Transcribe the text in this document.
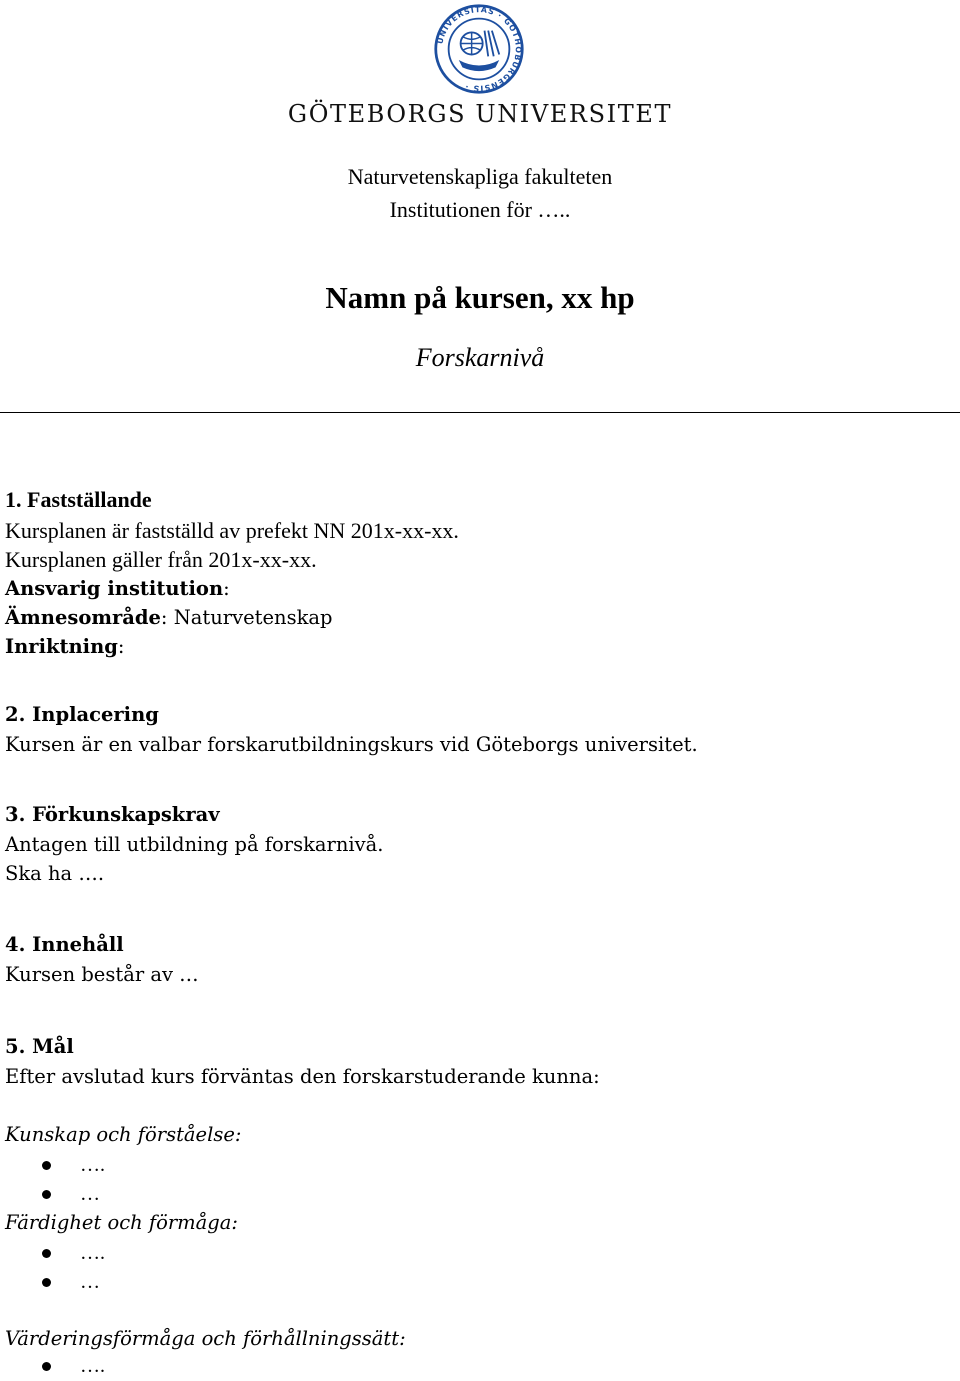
UNIVERSITAS · GOTHOBURGENSIS ·
GÖTEBORGS UNIVERSITET
Naturvetenskapliga fakulteten
Institutionen för …..
Namn på kursen, xx hp
Forskarnivå
1. Fastställande
Kursplanen är fastställd av prefekt NN 201x-xx-xx.
Kursplanen gäller från 201x-xx-xx.
Ansvarig institution:
Ämnesområde: Naturvetenskap
Inriktning:
2. Inplacering
Kursen är en valbar forskarutbildningskurs vid Göteborgs universitet.
3. Förkunskapskrav
Antagen till utbildning på forskarnivå.
Ska ha ….
4. Innehåll
Kursen består av …
5. Mål
Efter avslutad kurs förväntas den forskarstuderande kunna:
Kunskap och förståelse:
….
…
Färdighet och förmåga:
….
…
Värderingsförmåga och förhållningssätt:
….
